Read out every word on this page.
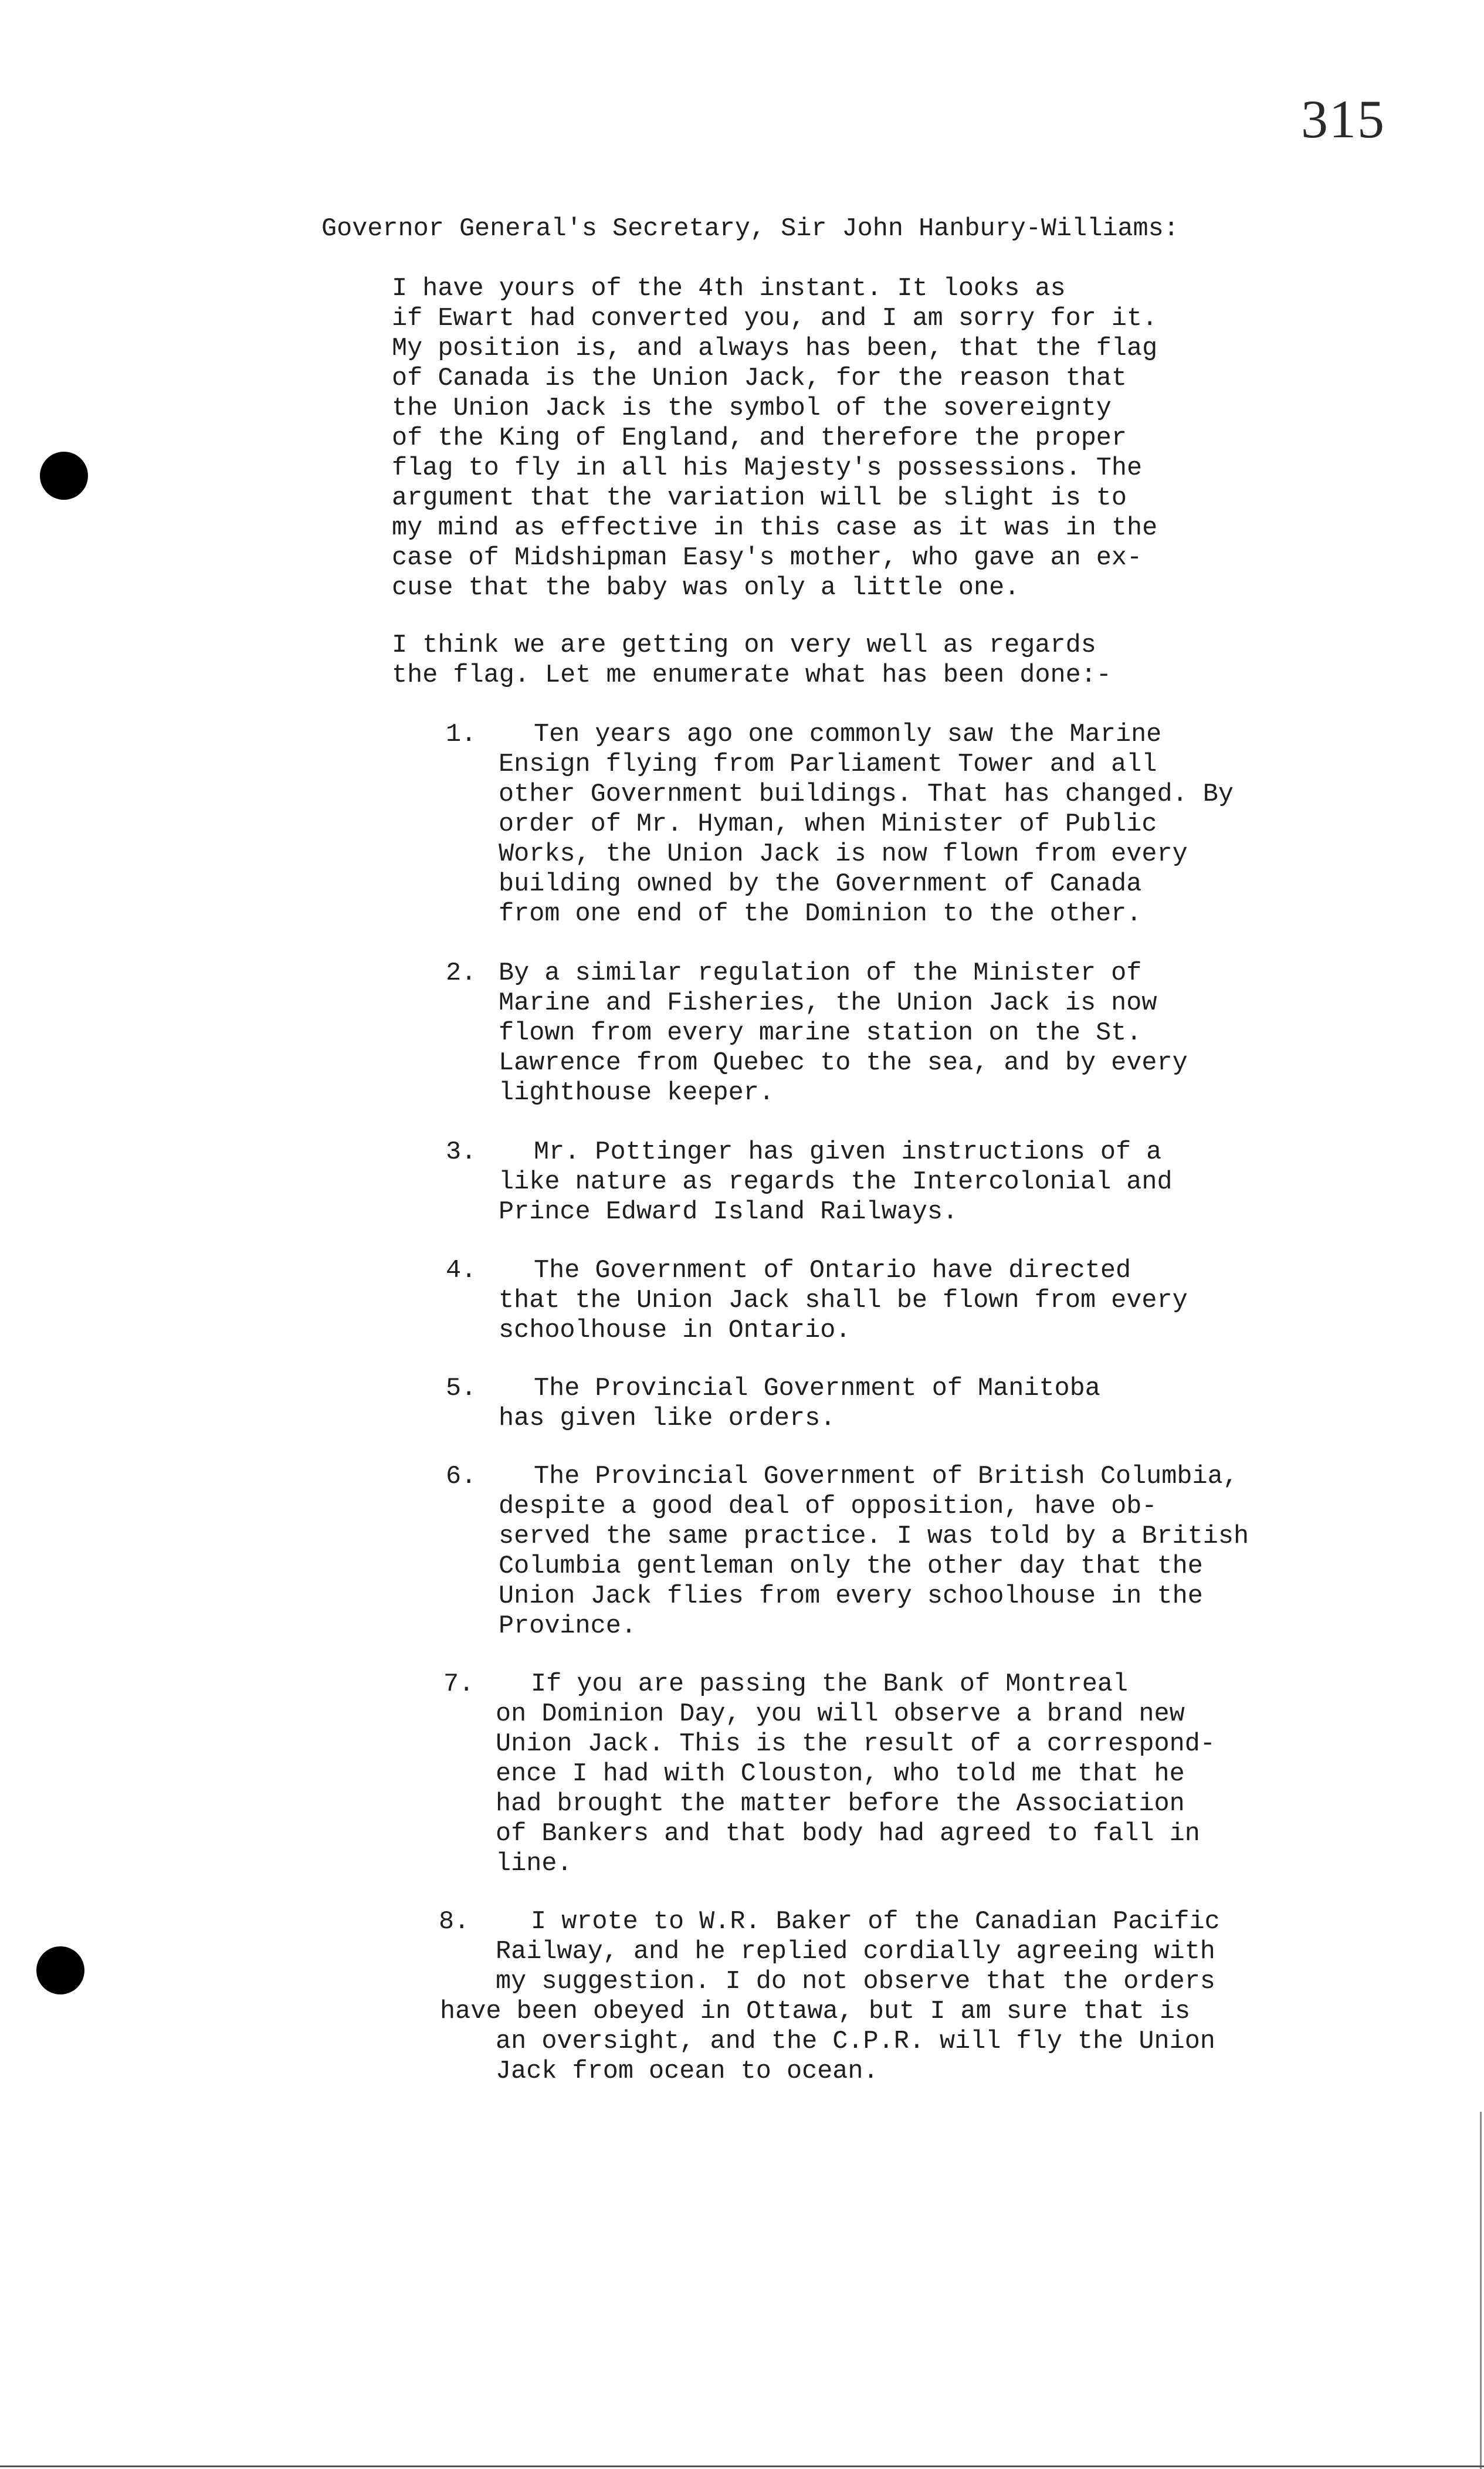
315
Governor General's Secretary, Sir John Hanbury-Williams:
I have yours of the 4th instant. It looks as
if Ewart had converted you, and I am sorry for it.
My position is, and always has been, that the flag
of Canada is the Union Jack, for the reason that
the Union Jack is the symbol of the sovereignty
of the King of England, and therefore the proper
flag to fly in all his Majesty's possessions. The
argument that the variation will be slight is to
my mind as effective in this case as it was in the
case of Midshipman Easy's mother, who gave an ex-
cuse that the baby was only a little one.
I think we are getting on very well as regards
the flag. Let me enumerate what has been done:-
1.	Ten years ago one commonly saw the Marine
Ensign flying from Parliament Tower and all
other Government buildings. That has changed. By
order of Mr. Hyman, when Minister of Public
Works, the Union Jack is now flown from every
building owned by the Government of Canada
from one end of the Dominion to the other.
2. By a similar regulation of the Minister of
Marine and Fisheries, the Union Jack is now
flown from every marine station on the St.
Lawrence from Quebec to the sea, and by every
lighthouse keeper.
3.	Mr. Pottinger has given instructions of a
like nature as regards the Intercolonial and
Prince Edward Island Railways.
4.	The Government of Ontario have directed
that the Union Jack shall be flown from every
schoolhouse in Ontario.
5.	The Provincial Government of Manitoba
has given like orders.
6.	The Provincial Government of British Columbia,
despite a good deal of opposition, have ob-
served the same practice. I was told by a British
Columbia gentleman only the other day that the
Union Jack flies from every schoolhouse in the
Province.
7.	If you are passing the Bank of Montreal
on Dominion Day, you will observe a brand new
Union Jack. This is the result of a correspond-
ence I had with Clouston, who told me that he
had brought the matter before the Association
of Bankers and that body had agreed to fall in
line.
8.	I wrote to W.R. Baker of the Canadian Pacific
Railway, and he replied cordially agreeing with
my suggestion. I do not observe that the orders
have been obeyed in Ottawa, but I am sure that is
an oversight, and the C.P.R. will fly the Union
Jack from ocean to ocean.
